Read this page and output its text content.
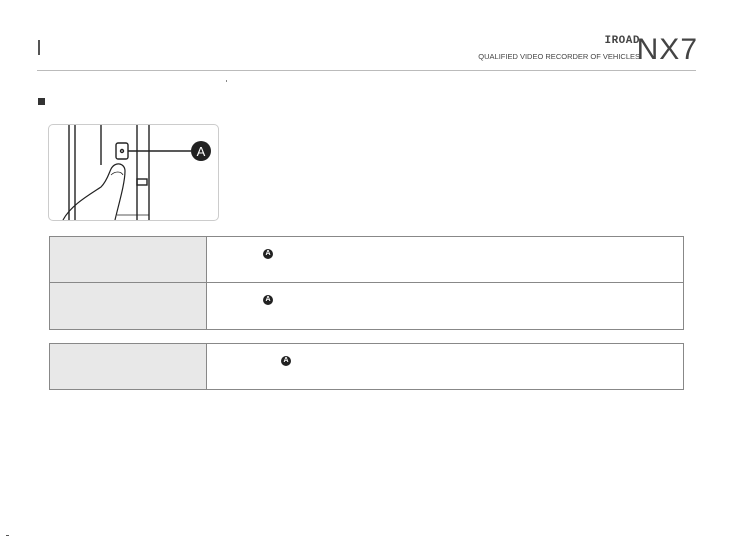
IROAD
QUALIFIED VIDEO RECORDER OF VEHICLES
NX7
A
A
A
A
